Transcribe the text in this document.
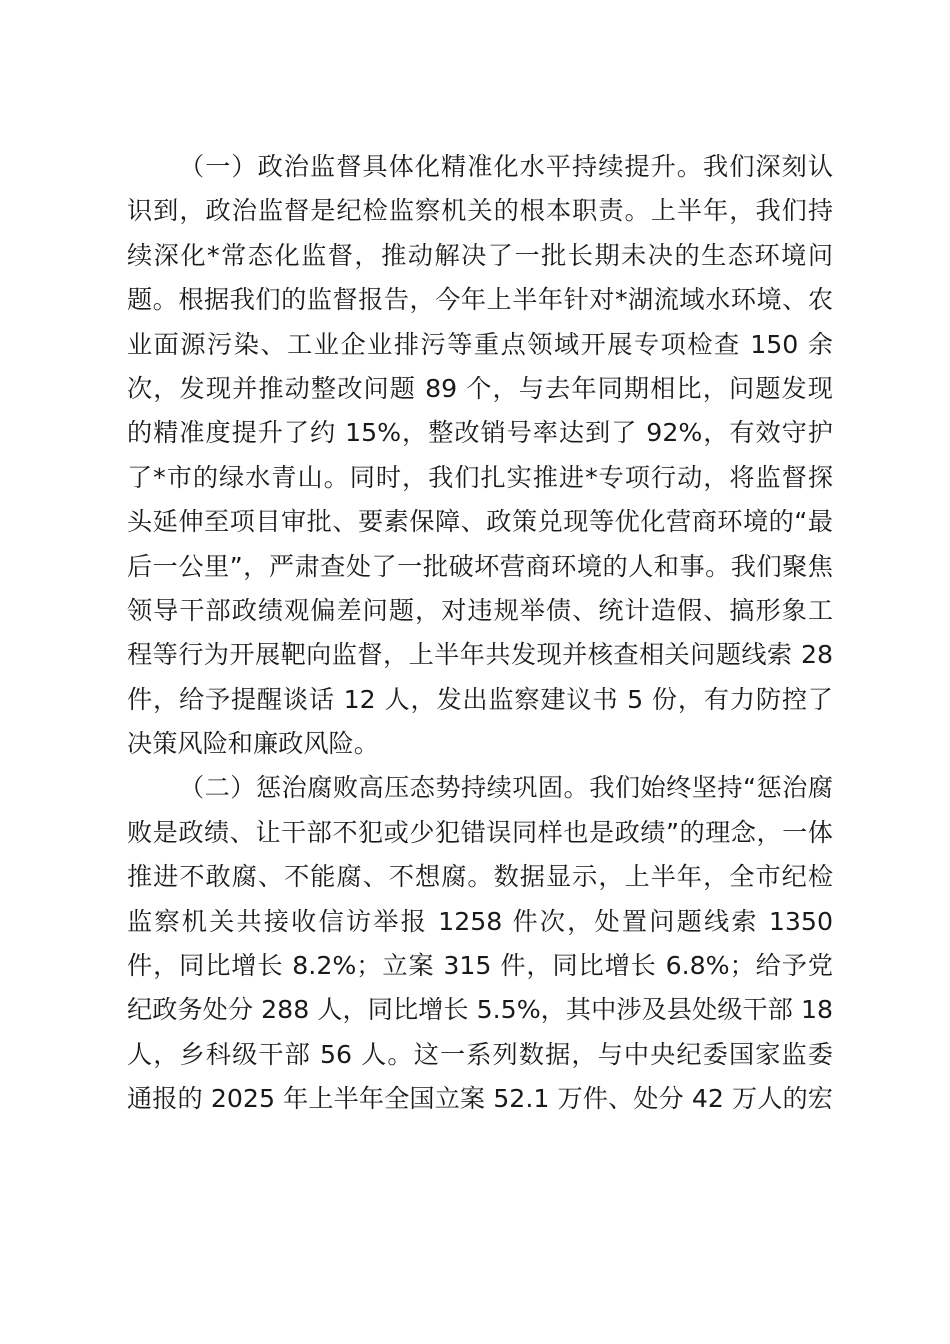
（一）政治监督具体化精准化水平持续提升。我们深刻认
识到，政治监督是纪检监察机关的根本职责。上半年，我们持
续深化*常态化监督，推动解决了一批长期未决的生态环境问
题。根据我们的监督报告，今年上半年针对*湖流域水环境、农
业面源污染、工业企业排污等重点领域开展专项检查 150 余
次，发现并推动整改问题 89 个，与去年同期相比，问题发现
的精准度提升了约 15%，整改销号率达到了 92%，有效守护
了*市的绿水青山。同时，我们扎实推进*专项行动，将监督探
头延伸至项目审批、要素保障、政策兑现等优化营商环境的“最
后一公里”，严肃查处了一批破坏营商环境的人和事。我们聚焦
领导干部政绩观偏差问题，对违规举债、统计造假、搞形象工
程等行为开展靶向监督，上半年共发现并核查相关问题线索 28
件，给予提醒谈话 12 人，发出监察建议书 5 份，有力防控了
决策风险和廉政风险。
（二）惩治腐败高压态势持续巩固。我们始终坚持“惩治腐
败是政绩、让干部不犯或少犯错误同样也是政绩”的理念，一体
推进不敢腐、不能腐、不想腐。数据显示，上半年，全市纪检
监察机关共接收信访举报 1258 件次，处置问题线索 1350
件，同比增长 8.2%；立案 315 件，同比增长 6.8%；给予党
纪政务处分 288 人，同比增长 5.5%，其中涉及县处级干部 18
人，乡科级干部 56 人。这一系列数据，与中央纪委国家监委
通报的 2025 年上半年全国立案 52.1 万件、处分 42 万人的宏
